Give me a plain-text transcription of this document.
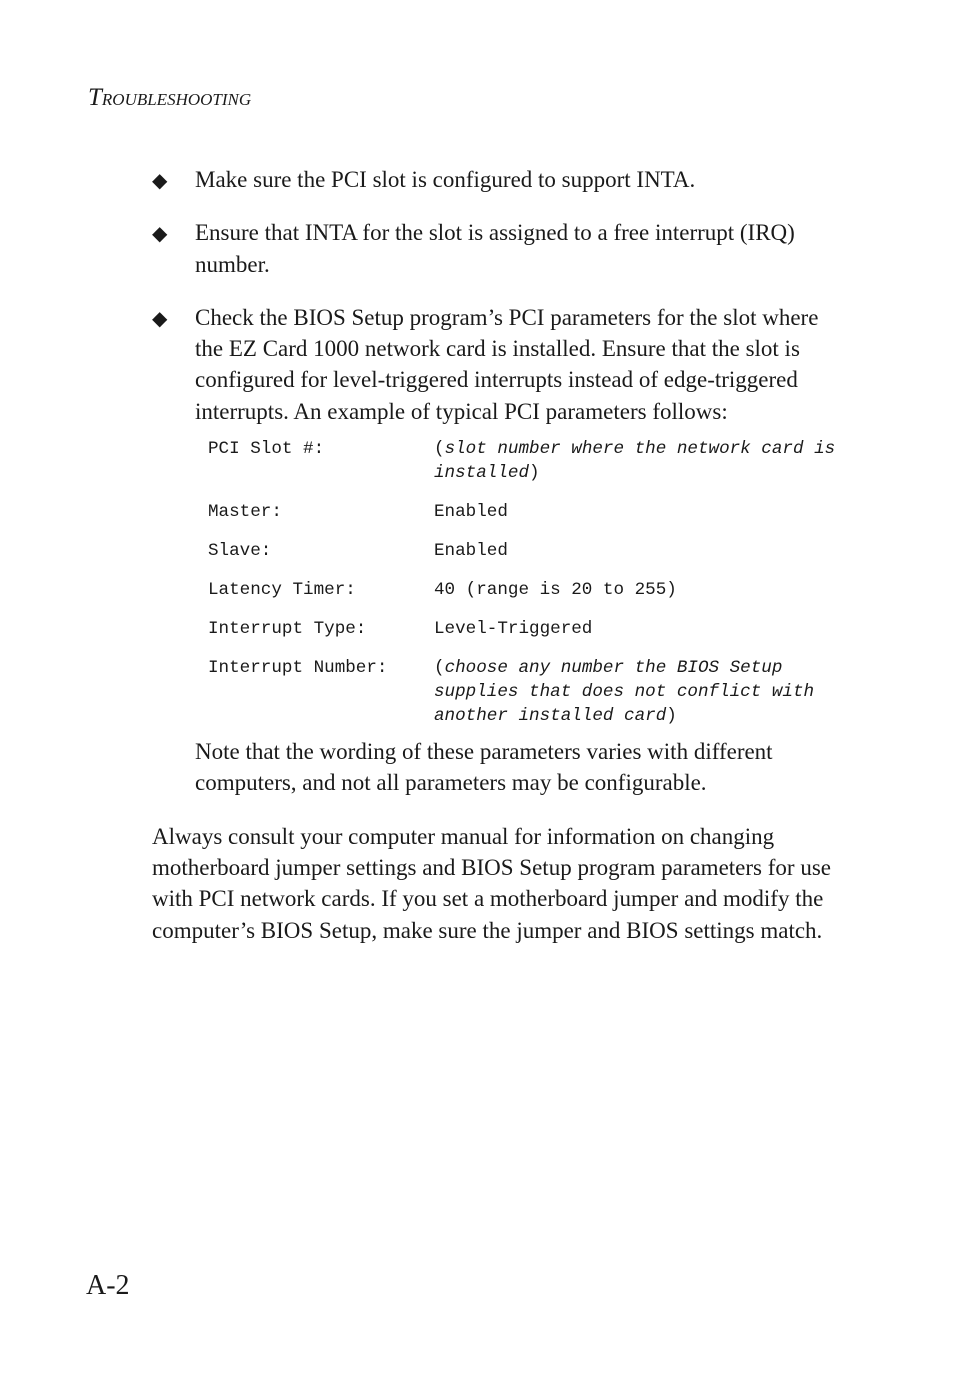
TROUBLESHOOTING
◆ Make sure the PCI slot is configured to support INTA.
◆ Ensure that INTA for the slot is assigned to a free interrupt (IRQ) number.
◆ Check the BIOS Setup program’s PCI parameters for the slot where the EZ Card 1000 network card is installed. Ensure that the slot is configured for level-triggered interrupts instead of edge-triggered interrupts. An example of typical PCI parameters follows:
PCI Slot #:	(slot number where the network card is installed)
Master:	Enabled
Slave:	Enabled
Latency Timer:	40 (range is 20 to 255)
Interrupt Type:	Level-Triggered
Interrupt Number:	(choose any number the BIOS Setup supplies that does not conflict with another installed card)
Note that the wording of these parameters varies with different computers, and not all parameters may be configurable.
Always consult your computer manual for information on changing motherboard jumper settings and BIOS Setup program parameters for use with PCI network cards. If you set a motherboard jumper and modify the computer’s BIOS Setup, make sure the jumper and BIOS settings match.
A-2
